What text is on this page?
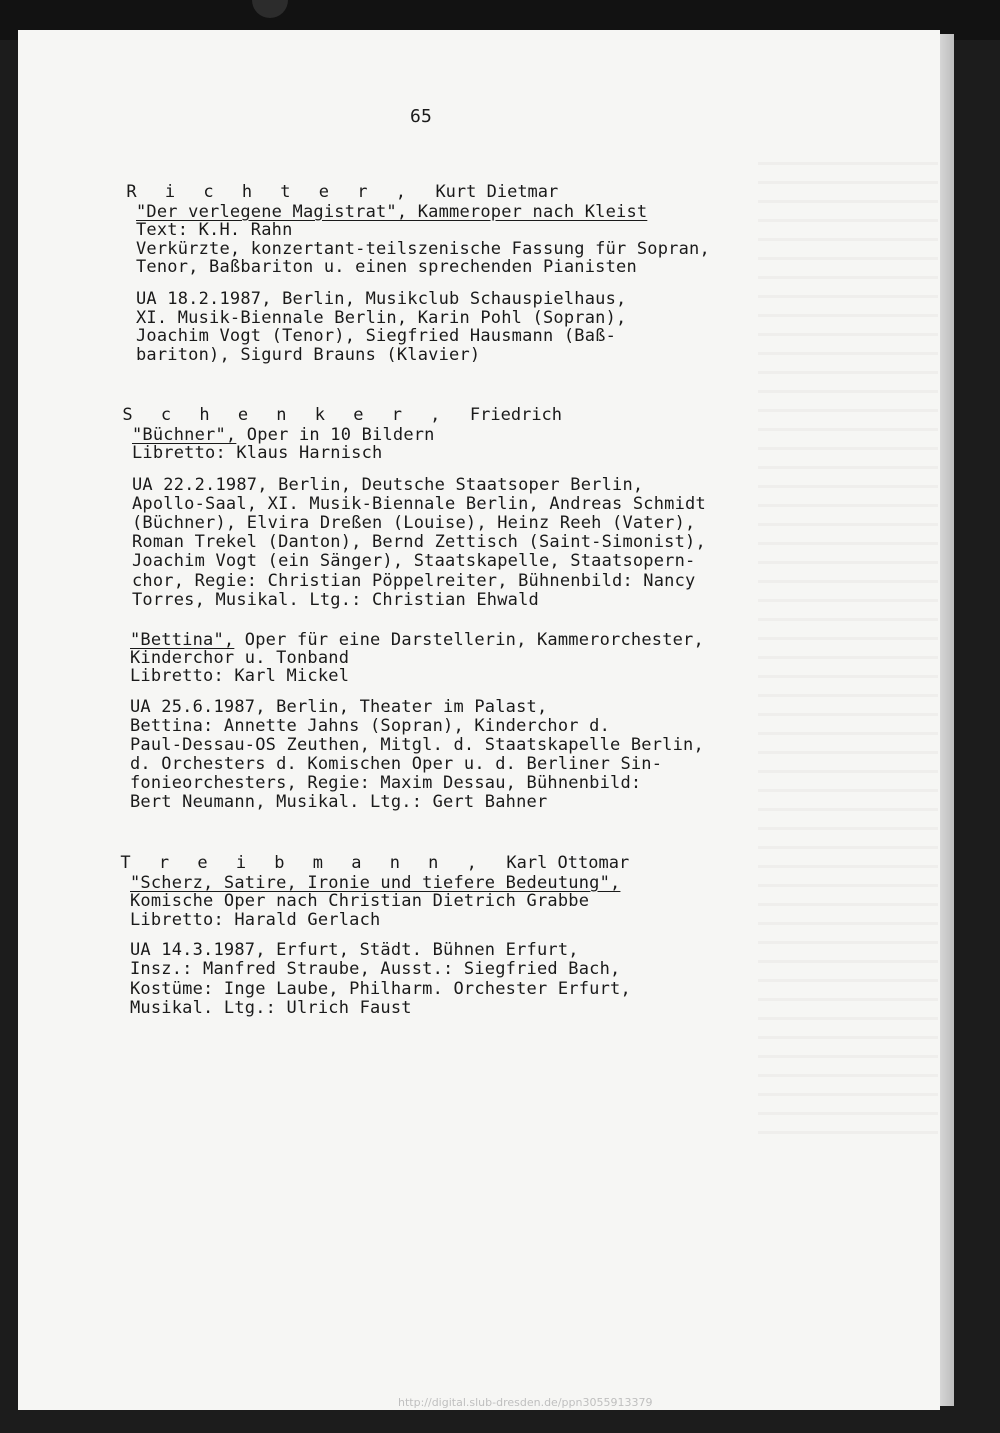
65

R i c h t e r , Kurt Dietmar

"Der verlegene Magistrat", Kammeroper nach Kleist
Text: K.H. Rahn
Verkürzte, konzertant-teilszenische Fassung für Sopran,
Tenor, Baßbariton u. einen sprechenden Pianisten
UA 18.2.1987, Berlin, Musikclub Schauspielhaus,
XI. Musik-Biennale Berlin, Karin Pohl (Sopran),
Joachim Vogt (Tenor), Siegfried Hausmann (Baß-
bariton), Sigurd Brauns (Klavier)

S c h e n k e r , Friedrich

"Büchner", Oper in 10 Bildern
Libretto: Klaus Harnisch
UA 22.2.1987, Berlin, Deutsche Staatsoper Berlin,
Apollo-Saal, XI. Musik-Biennale Berlin, Andreas Schmidt
(Büchner), Elvira Dreßen (Louise), Heinz Reeh (Vater),
Roman Trekel (Danton), Bernd Zettisch (Saint-Simonist),
Joachim Vogt (ein Sänger), Staatskapelle, Staatsopern-
chor, Regie: Christian Pöppelreiter, Bühnenbild: Nancy
Torres, Musikal. Ltg.: Christian Ehwald
"Bettina", Oper für eine Darstellerin, Kammerorchester,
Kinderchor u. Tonband
Libretto: Karl Mickel
UA 25.6.1987, Berlin, Theater im Palast,
Bettina: Annette Jahns (Sopran), Kinderchor d.
Paul-Dessau-OS Zeuthen, Mitgl. d. Staatskapelle Berlin,
d. Orchesters d. Komischen Oper u. d. Berliner Sin-
fonieorchesters, Regie: Maxim Dessau, Bühnenbild:
Bert Neumann, Musikal. Ltg.: Gert Bahner

T r e i b m a n n , Karl Ottomar

"Scherz, Satire, Ironie und tiefere Bedeutung",
Komische Oper nach Christian Dietrich Grabbe
Libretto: Harald Gerlach
UA 14.3.1987, Erfurt, Städt. Bühnen Erfurt,
Insz.: Manfred Straube, Ausst.: Siegfried Bach,
Kostüme: Inge Laube, Philharm. Orchester Erfurt,
Musikal. Ltg.: Ulrich Faust
http://digital.slub-dresden.de/ppn3055913379
